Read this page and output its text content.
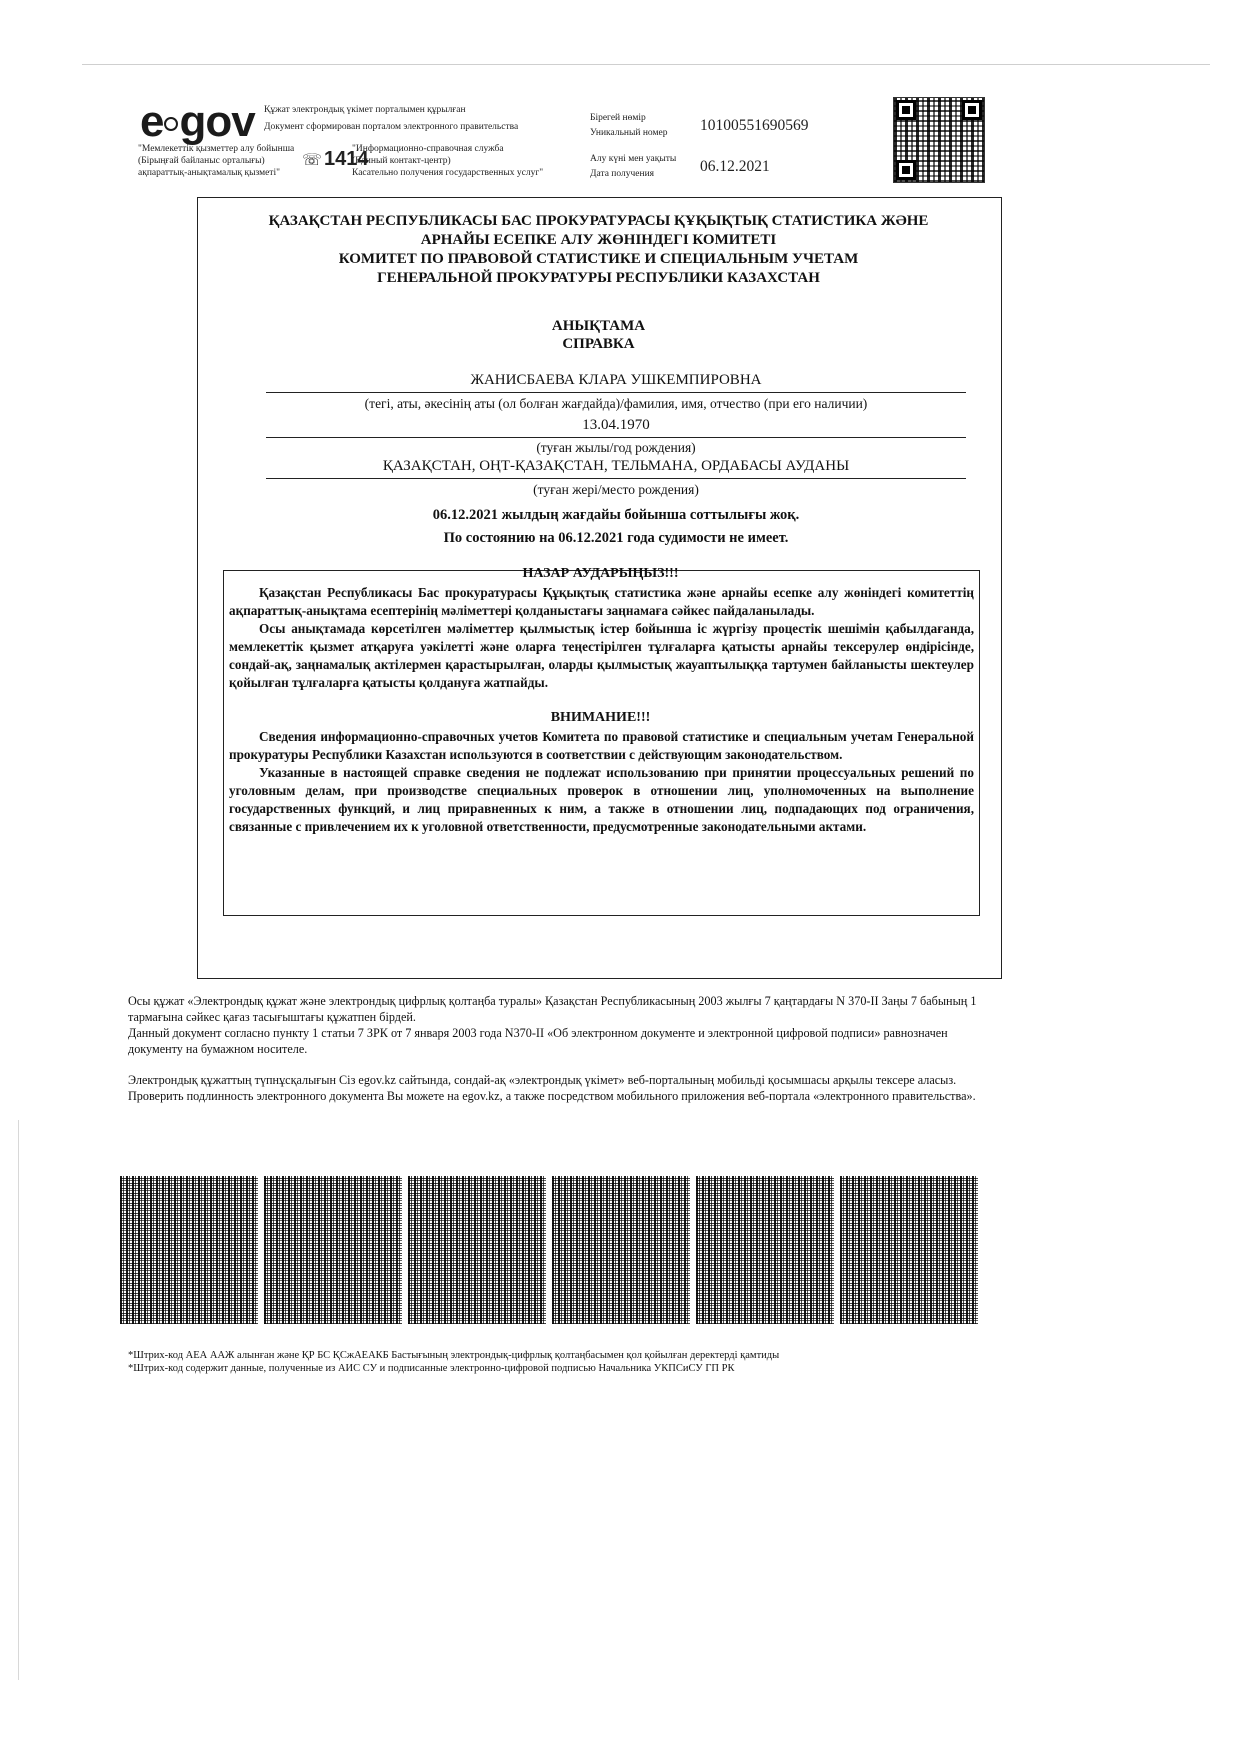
e gov Құжат электрондық үкімет порталымен құрылған
Документ сформирован порталом электронного правительства
"Мемлекеттік қызметтер алу бойынша
(Бірыңғай байланыс орталығы)
ақпараттық-анықтамалық қызметі"
☏ 1414
"Информационно-справочная служба
(Единый контакт-центр)
Касательно получения государственных услуг"
Бірегей нөмір
Уникальный номер 10100551690569
Алу күні мен уақыты
Дата получения	06.12.2021
ҚАЗАҚСТАН РЕСПУБЛИКАСЫ БАС ПРОКУРАТУРАСЫ ҚҰҚЫҚТЫҚ СТАТИСТИКА ЖӘНЕ
АРНАЙЫ ЕСЕПКЕ АЛУ ЖӨНІНДЕГІ КОМИТЕТІ
КОМИТЕТ ПО ПРАВОВОЙ СТАТИСТИКЕ И СПЕЦИАЛЬНЫМ УЧЕТАМ
ГЕНЕРАЛЬНОЙ ПРОКУРАТУРЫ РЕСПУБЛИКИ КАЗАХСТАН
АНЫҚТАМА
СПРАВКА
ЖАНИСБАЕВА КЛАРА УШКЕМПИРОВНА
(тегі, аты, әкесінің аты (ол болған жағдайда)/фамилия, имя, отчество (при его наличии)
13.04.1970
(туған жылы/год рождения)
ҚАЗАҚСТАН, ОҢТ-ҚАЗАҚСТАН, ТЕЛЬМАНА, ОРДАБАСЫ АУДАНЫ
(туған жері/место рождения)
06.12.2021 жылдың жағдайы бойынша соттылығы жоқ.
По состоянию на 06.12.2021 года судимости не имеет.
НАЗАР АУДАРЫҢЫЗ!!!

Қазақстан Республикасы Бас прокуратурасы Құқықтық статистика және арнайы есепке алу жөніндегі комитеттің ақпараттық-анықтама есептерінің мәліметтері қолданыстағы заңнамаға сәйкес пайдаланылады.

Осы анықтамада көрсетілген мәліметтер қылмыстық істер бойынша іс жүргізу процестік шешімін қабылдағанда, мемлекеттік қызмет атқаруға уәкілетті және оларға теңестірілген тұлғаларға қатысты арнайы тексерулер өндірісінде, сондай-ақ, заңнамалық актілермен қарастырылған, оларды қылмыстық жауаптылыққа тартумен байланысты шектеулер қойылған тұлғаларға қатысты қолдануға жатпайды.

ВНИМАНИЕ!!!

Сведения информационно-справочных учетов Комитета по правовой статистике и специальным учетам Генеральной прокуратуры Республики Казахстан используются в соответствии с действующим законодательством.

Указанные в настоящей справке сведения не подлежат использованию при принятии процессуальных решений по уголовным делам, при производстве специальных проверок в отношении лиц, уполномоченных на выполнение государственных функций, и лиц приравненных к ним, а также в отношении лиц, подпадающих под ограничения, связанные с привлечением их к уголовной ответственности, предусмотренные законодательными актами.

Осы құжат «Электрондық құжат және электрондық цифрлық қолтаңба туралы» Қазақстан Республикасының 2003 жылғы 7 қаңтардағы N 370-II Заңы 7 бабының 1 тармағына сәйкес қағаз тасығыштағы құжатпен бірдей.

Данный документ согласно пункту 1 статьи 7 ЗРК от 7 января 2003 года N370-II «Об электронном документе и электронной цифровой подписи» равнозначен документу на бумажном носителе.

Электрондық құжаттың түпнұсқалығын Сіз egov.kz сайтында, сондай-ақ «электрондық үкімет» веб-порталының мобильді қосымшасы арқылы тексере аласыз.

Проверить подлинность электронного документа Вы можете на egov.kz, а также посредством мобильного приложения веб-портала «электронного правительства».

*Штрих-код АЕА ААЖ алынған және ҚР БС ҚСжАЕАКБ Бастығының электрондық-цифрлық қолтаңбасымен қол қойылған деректерді қамтиды
*Штрих-код содержит данные, полученные из АИС СУ и подписанные электронно-цифровой подписью Начальника УКПСиСУ ГП РК
